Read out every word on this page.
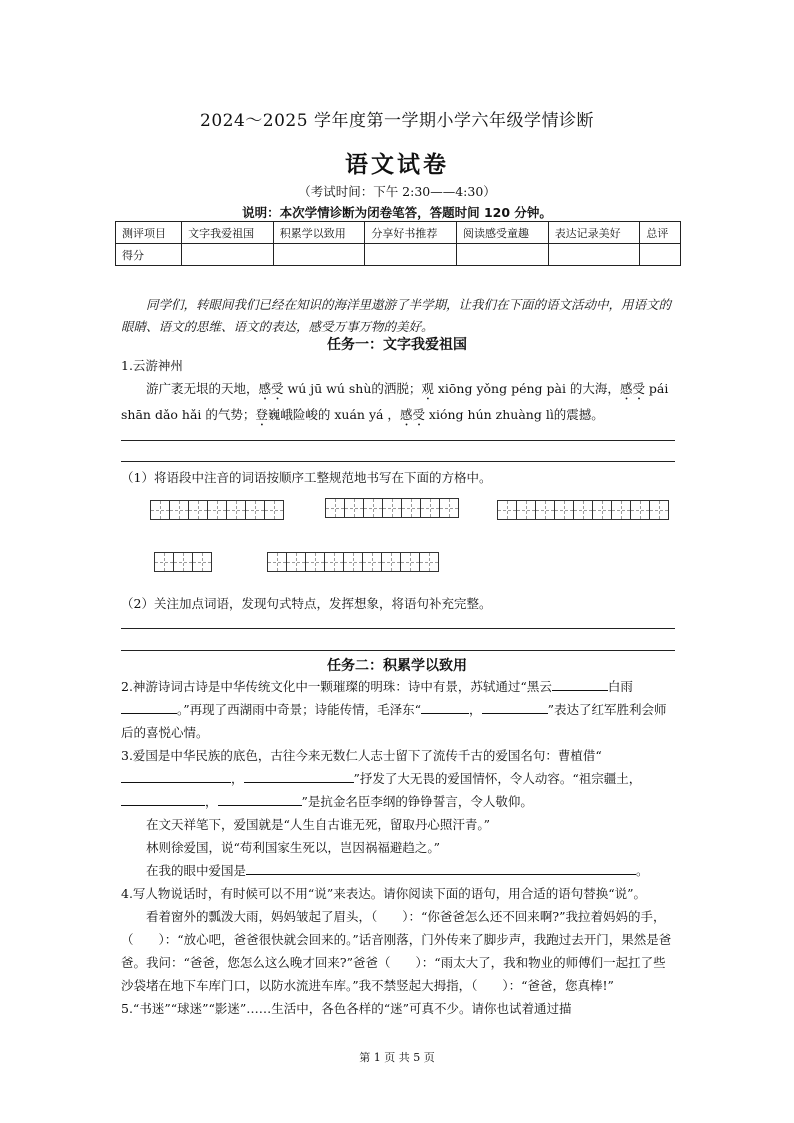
2024～2025 学年度第一学期小学六年级学情诊断
语文试卷
（考试时间：下午 2:30——4:30）
说明：本次学情诊断为闭卷笔答，答题时间 120 分钟。
测评项目	文字我爱祖国	积累学以致用	分享好书推荐	阅读感受童趣	表达记录美好	总评
得分						
同学们，转眼间我们已经在知识的海洋里遨游了半学期，让我们在下面的语文活动中，用语文的眼睛、语文的思维、语文的表达，感受万事万物的美好。
任务一：文字我爱祖国

1.云游神州

游广袤无垠的天地，感受 wú jū wú shù的洒脱；观 xiōng yǒng péng pài 的大海，感受 pái shān dǎo hǎi 的气势；登巍峨险峻的 xuán yá ，感受 xióng hún zhuàng lì的震撼。

（1）将语段中注音的词语按顺序工整规范地书写在下面的方格中。
（2）关注加点词语，发现句式特点，发挥想象，将语句补充完整。
任务二：积累学以致用

2.神游诗词古诗是中华传统文化中一颗璀璨的明珠：诗中有景，苏轼通过“黑云	白雨。”再现了西湖雨中奇景；诗能传情，毛泽东“	，	”表达了红军胜利会师后的喜悦心情。

3.爱国是中华民族的底色，古往今来无数仁人志士留下了流传千古的爱国名句：曹植借“，	”抒发了大无畏的爱国情怀，令人动容。“祖宗疆土，，	”是抗金名臣李纲的铮铮誓言，令人敬仰。

在文天祥笔下，爱国就是“人生自古谁无死，留取丹心照汗青。”

林则徐爱国，说“苟利国家生死以，岂因祸福避趋之。”

在我的眼中爱国是	。

4.写人物说话时，有时候可以不用“说”来表达。请你阅读下面的语句，用合适的语句替换“说”。

看着窗外的瓢泼大雨，妈妈皱起了眉头，（　　）：“你爸爸怎么还不回来啊?”我拉着妈妈的手，（　　）：“放心吧，爸爸很快就会回来的。”话音刚落，门外传来了脚步声，我跑过去开门，果然是爸爸。我问：“爸爸，您怎么这么晚才回来?”爸爸（　　）：“雨太大了，我和物业的师傅们一起扛了些沙袋堵在地下车库门口，以防水流进车库。”我不禁竖起大拇指，（　　）：“爸爸，您真棒!”

5.“书迷”“球迷”“影迷”……生活中，各色各样的“迷”可真不少。请你也试着通过描

第 1 页 共 5 页
